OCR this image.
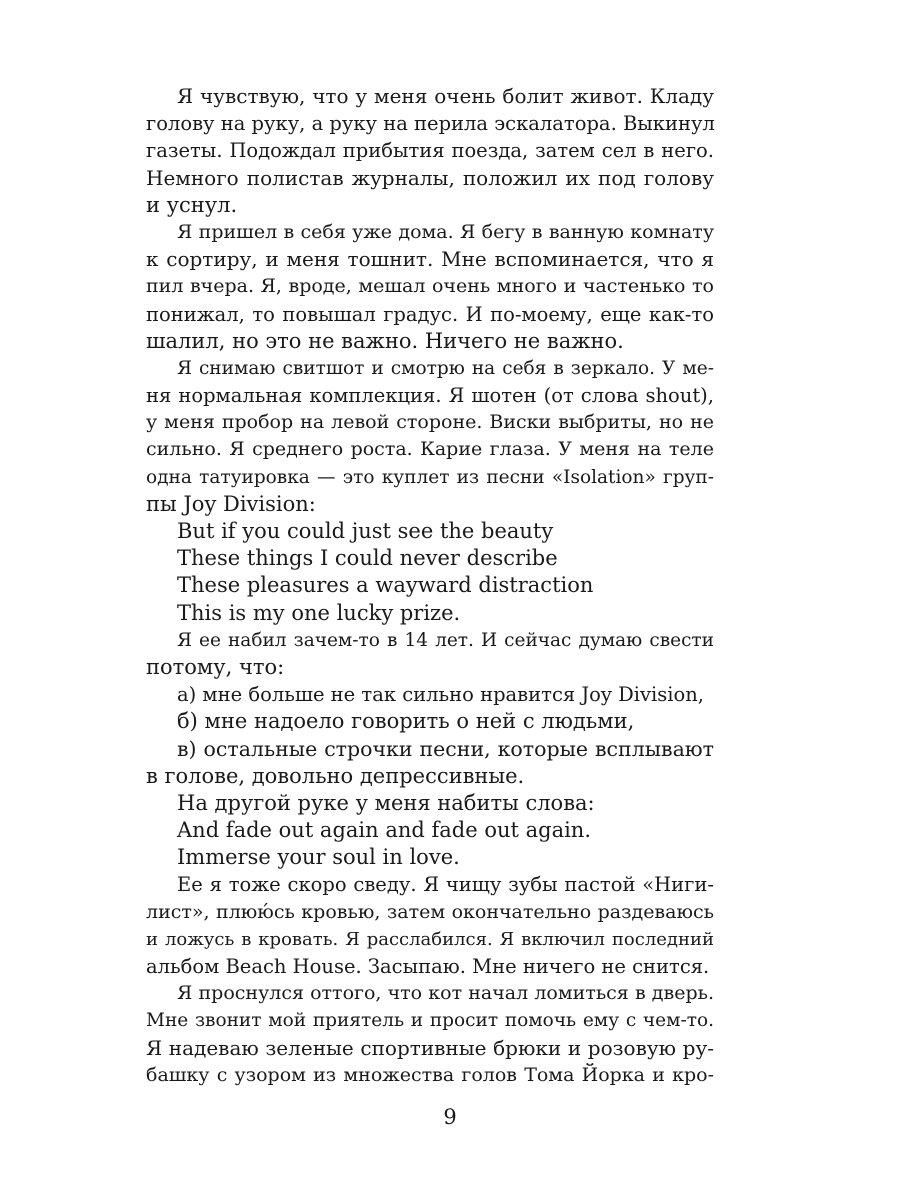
Я чувствую, что у меня очень болит живот. Кладу
голову на руку, а руку на перила эскалатора. Выкинул
газеты. Подождал прибытия поезда, затем сел в него.
Немного полистав журналы, положил их под голову
и уснул.
Я пришел в себя уже дома. Я бегу в ванную комнату
к сортиру, и меня тошнит. Мне вспоминается, что я
пил вчера. Я, вроде, мешал очень много и частенько то
понижал, то повышал градус. И по-моему, еще как-то
шалил, но это не важно. Ничего не важно.
Я снимаю свитшот и смотрю на себя в зеркало. У ме-
ня нормальная комплекция. Я шотен (от слова shout),
у меня пробор на левой стороне. Виски выбриты, но не
сильно. Я среднего роста. Карие глаза. У меня на теле
одна татуировка — это куплет из песни «Isolation» груп-
пы Joy Division:
But if you could just see the beauty
These things I could never describe
These pleasures a wayward distraction
This is my one lucky prize.
Я ее набил зачем-то в 14 лет. И сейчас думаю свести
потому, что:
а) мне больше не так сильно нравится Joy Division,
б) мне надоело говорить о ней с людьми,
в) остальные строчки песни, которые всплывают
в голове, довольно депрессивные.
На другой руке у меня набиты слова:
And fade out again and fade out again.
Immerse your soul in love.
Ее я тоже скоро сведу. Я чищу зубы пастой «Ниги-
лист», плюю́сь кровью, затем окончательно раздеваюсь
и ложусь в кровать. Я расслабился. Я включил последний
альбом Beach House. Засыпаю. Мне ничего не снится.
Я проснулся оттого, что кот начал ломиться в дверь.
Мне звонит мой приятель и просит помочь ему с чем-то.
Я надеваю зеленые спортивные брюки и розовую ру-
башку с узором из множества голов Тома Йорка и кро-
9
